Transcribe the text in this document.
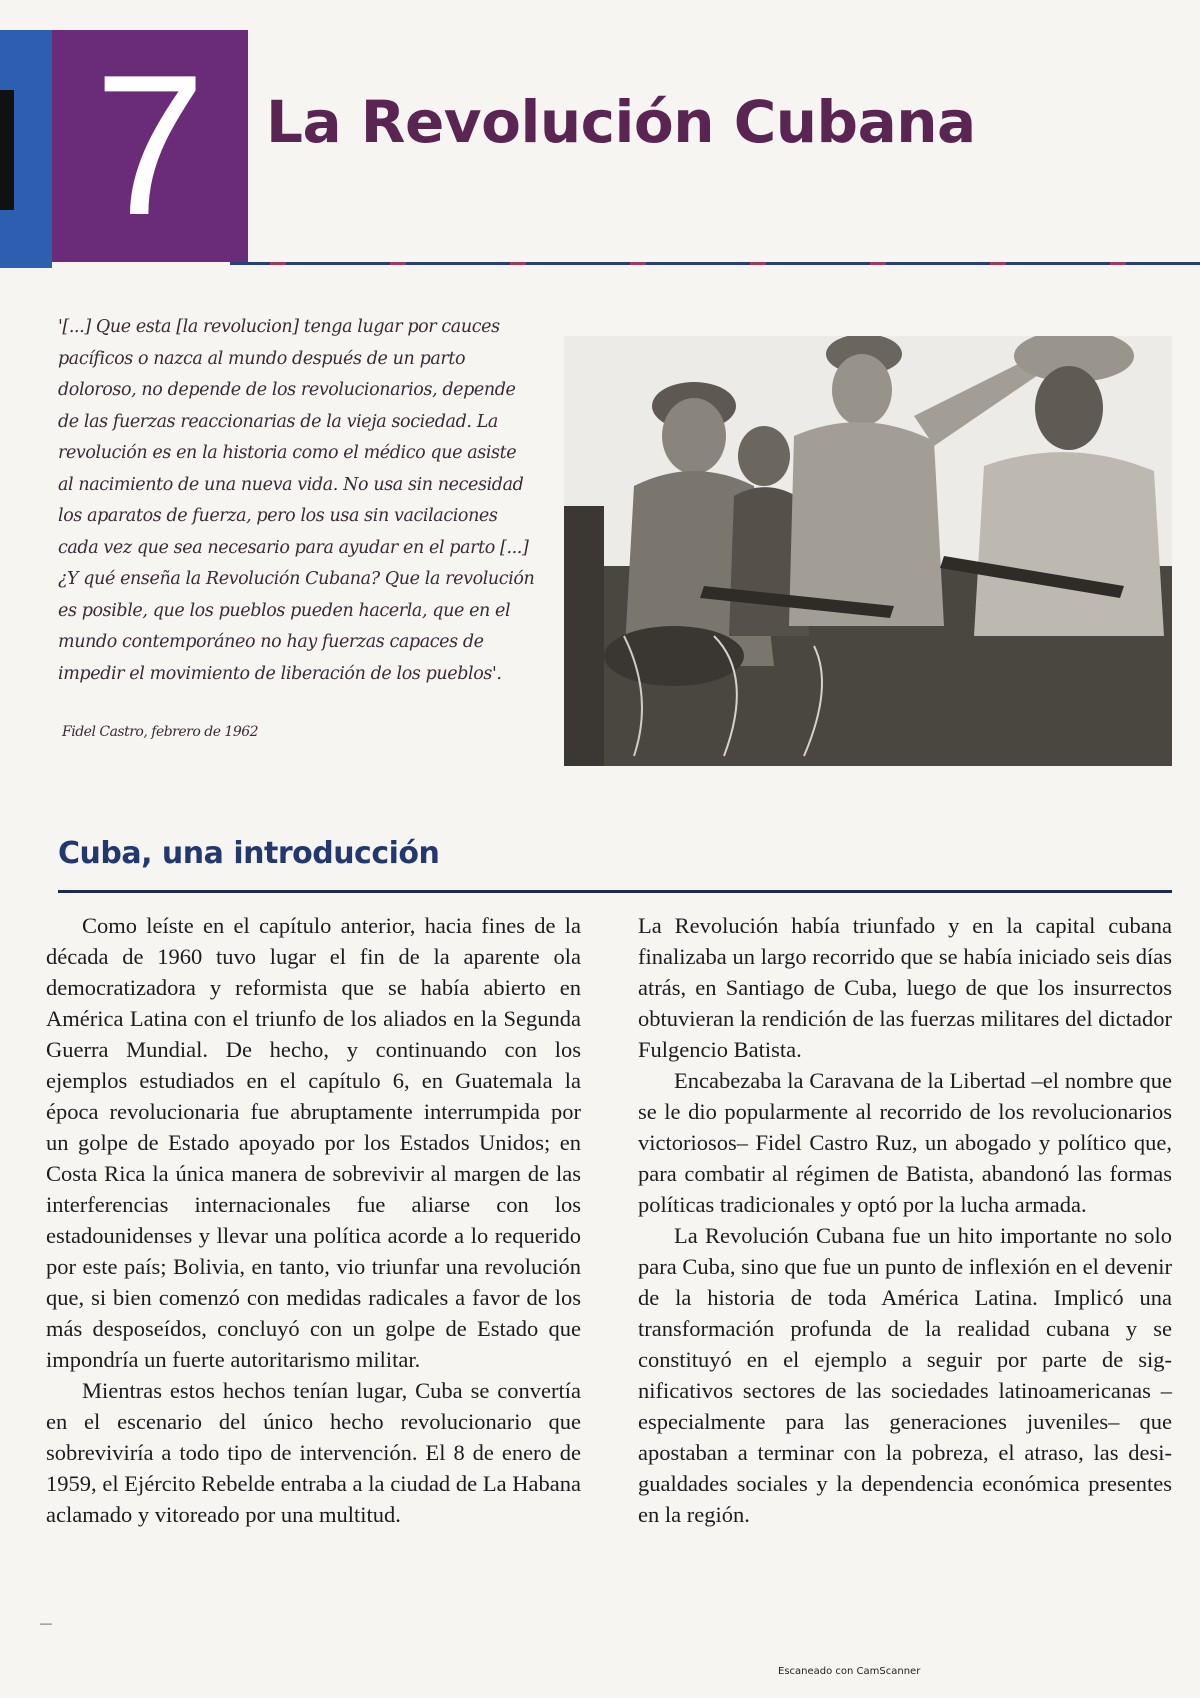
7	La Revolución Cubana
'[...] Que esta [la revolucion] tenga lugar por cauces
pacíficos o nazca al mundo después de un parto
doloroso, no depende de los revolucionarios, depende
de las fuerzas reaccionarias de la vieja sociedad. La
revolución es en la historia como el médico que asiste
al nacimiento de una nueva vida. No usa sin necesidad
los aparatos de fuerza, pero los usa sin vacilaciones
cada vez que sea necesario para ayudar en el parto [...]
¿Y qué enseña la Revolución Cubana? Que la revolución
es posible, que los pueblos pueden hacerla, que en el
mundo contemporáneo no hay fuerzas capaces de
impedir el movimiento de liberación de los pueblos'.
Fidel Castro, febrero de 1962
Cuba, una introducción

Como leíste en el capítulo anterior, hacia fines de la década de 1960 tuvo lugar el fin de la aparente ola democratizadora y reformista que se había abierto en América Latina con el triunfo de los aliados en la Segunda Guerra Mundial. De hecho, y continuando con los ejemplos estudiados en el capítulo 6, en Guatemala la época revolucionaria fue abruptamente interrumpida por un golpe de Estado apoyado por los Estados Unidos; en Costa Rica la única manera de sobrevivir al margen de las interferencias internacionales fue aliarse con los estadounidenses y llevar una política acorde a lo requerido por este país; Bolivia, en tanto, vio triunfar una revolución que, si bien comenzó con medidas radicales a favor de los más desposeídos, concluyó con un golpe de Estado que impondría un fuerte autoritarismo militar.

Mientras estos hechos tenían lugar, Cuba se convertía en el escenario del único hecho revolucionario que sobreviviría a todo tipo de intervención. El 8 de enero de 1959, el Ejército Rebelde entraba a la ciudad de La Habana aclamado y vitoreado por una multitud.

La Revolución había triunfado y en la capital cubana finalizaba un largo recorrido que se había iniciado seis días atrás, en Santiago de Cuba, luego de que los insurrectos obtuvieran la rendición de las fuerzas militares del dictador Fulgencio Batista.

Encabezaba la Caravana de la Libertad –el nombre que se le dio popularmente al recorrido de los revolucionarios victoriosos– Fidel Castro Ruz, un abogado y político que, para combatir al régimen de Batista, abandonó las formas políticas tradicionales y optó por la lucha armada.

La Revolución Cubana fue un hito importante no solo para Cuba, sino que fue un punto de inflexión en el devenir de la historia de toda América Latina. Implicó una transformación profunda de la realidad cubana y se constituyó en el ejemplo a seguir por parte de significativos sectores de las sociedades latinoamericanas –especialmente para las generaciones juveniles– que apostaban a terminar con la pobreza, el atraso, las desigualdades sociales y la dependencia económica presentes en la región.

—
Escaneado con CamScanner
